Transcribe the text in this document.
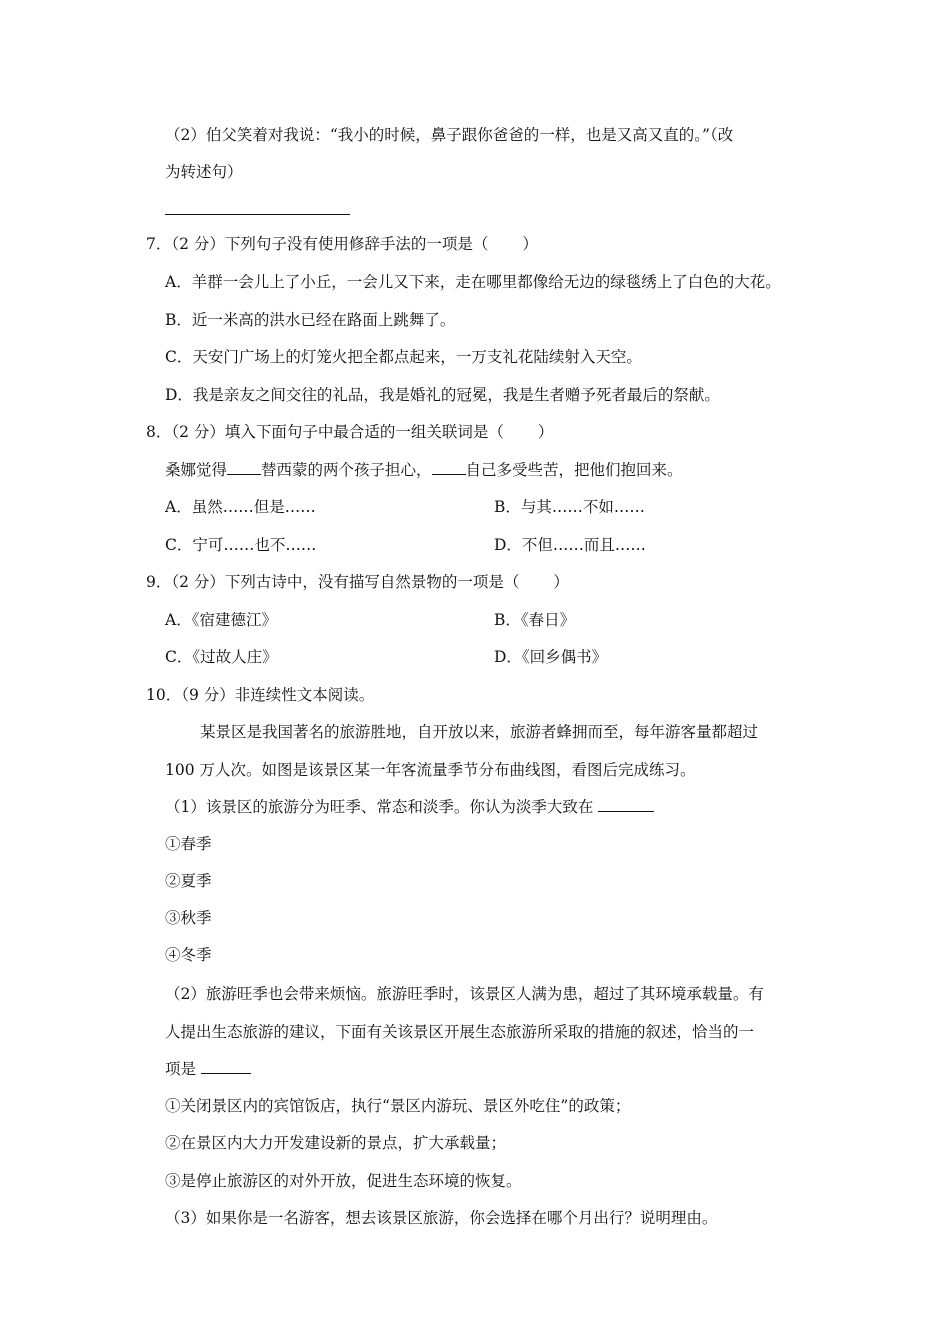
（2）伯父笑着对我说：“我小的时候，鼻子跟你爸爸的一样，也是又高又直的。”（改
为转述句）
7．（2 分）下列句子没有使用修辞手法的一项是（ ）
A．羊群一会儿上了小丘，一会儿又下来，走在哪里都像给无边的绿毯绣上了白色的大花。
B．近一米高的洪水已经在路面上跳舞了。
C．天安门广场上的灯笼火把全都点起来，一万支礼花陆续射入天空。
D．我是亲友之间交往的礼品，我是婚礼的冠冕，我是生者赠予死者最后的祭献。
8．（2 分）填入下面句子中最合适的一组关联词是（ ）
桑娜觉得 替西蒙的两个孩子担心， 自己多受些苦，把他们抱回来。
A．虽然……但是……	B．与其……不如……
C．宁可……也不……	D．不但……而且……
9．（2 分）下列古诗中，没有描写自然景物的一项是（ ）
A．《宿建德江》	B．《春日》
C．《过故人庄》	D．《回乡偶书》
10．（9 分）非连续性文本阅读。
某景区是我国著名的旅游胜地，自开放以来，旅游者蜂拥而至，每年游客量都超过
100 万人次。如图是该景区某一年客流量季节分布曲线图，看图后完成练习。
（1）该景区的旅游分为旺季、常态和淡季。你认为淡季大致在
①春季
②夏季
③秋季
④冬季
（2）旅游旺季也会带来烦恼。旅游旺季时，该景区人满为患，超过了其环境承载量。有
人提出生态旅游的建议，下面有关该景区开展生态旅游所采取的措施的叙述，恰当的一
项是
①关闭景区内的宾馆饭店，执行“景区内游玩、景区外吃住”的政策；
②在景区内大力开发建设新的景点，扩大承载量；
③是停止旅游区的对外开放，促进生态环境的恢复。
（3）如果你是一名游客，想去该景区旅游，你会选择在哪个月出行？说明理由。
